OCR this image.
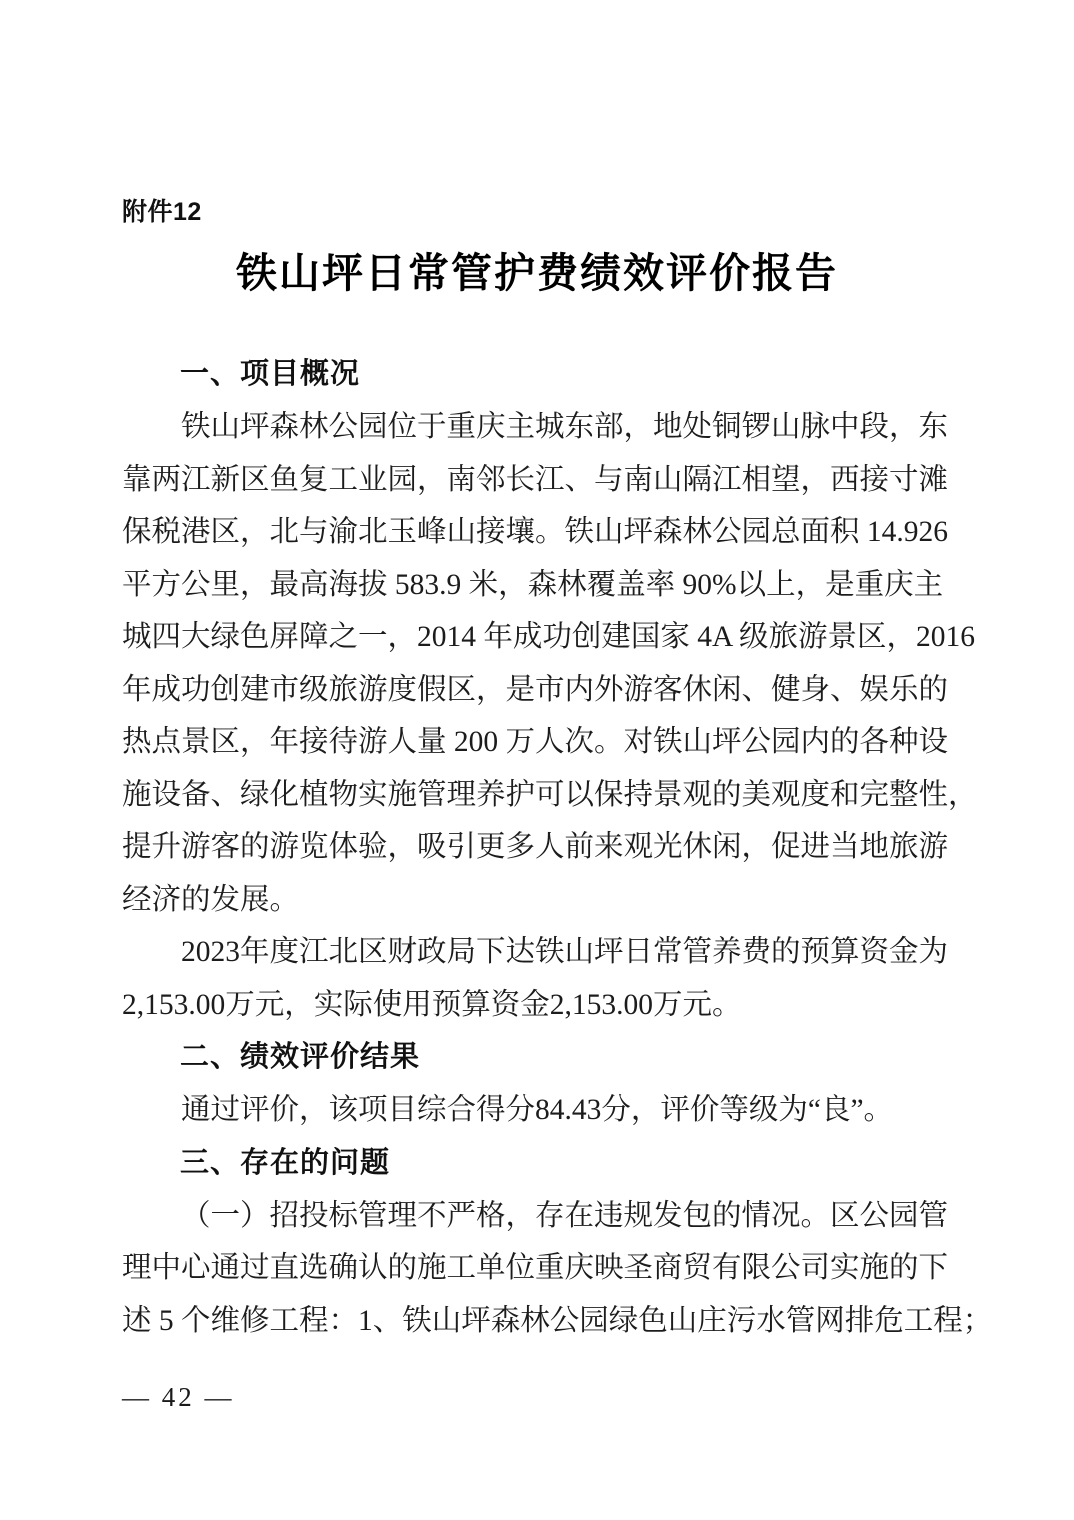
附件12
铁山坪日常管护费绩效评价报告
一、项目概况

铁山坪森林公园位于重庆主城东部，地处铜锣山脉中段，东
靠两江新区鱼复工业园，南邻长江、与南山隔江相望，西接寸滩
保税港区，北与渝北玉峰山接壤。铁山坪森林公园总面积 14.926
平方公里，最高海拔 583.9 米，森林覆盖率 90%以上，是重庆主
城四大绿色屏障之一，2014 年成功创建国家 4A 级旅游景区，2016
年成功创建市级旅游度假区，是市内外游客休闲、健身、娱乐的
热点景区，年接待游人量 200 万人次。对铁山坪公园内的各种设
施设备、绿化植物实施管理养护可以保持景观的美观度和完整性，
提升游客的游览体验，吸引更多人前来观光休闲，促进当地旅游
经济的发展。

2023年度江北区财政局下达铁山坪日常管养费的预算资金为
2,153.00万元，实际使用预算资金2,153.00万元。

二、绩效评价结果

通过评价，该项目综合得分84.43分，评价等级为“良”。

三、存在的问题

（一）招投标管理不严格，存在违规发包的情况。区公园管
理中心通过直选确认的施工单位重庆映圣商贸有限公司实施的下
述 5 个维修工程：1、铁山坪森林公园绿色山庄污水管网排危工程；

— 42 —
